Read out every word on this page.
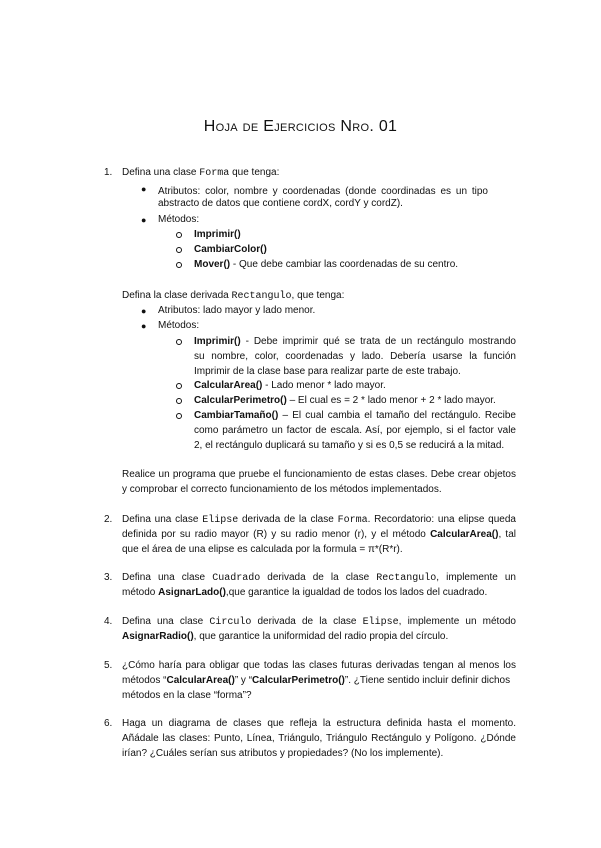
Hoja de Ejercicios Nro. 01
1. Defina una clase Forma que tenga:
● Atributos: color, nombre y coordenadas (donde coordinadas es un tipo
abstracto de datos que contiene cordX, cordY y cordZ).
● Métodos:
Imprimir()
CambiarColor()
Mover() - Que debe cambiar las coordenadas de su centro.
Defina la clase derivada Rectangulo, que tenga:
● Atributos: lado mayor y lado menor.
● Métodos:
Imprimir() - Debe imprimir qué se trata de un rectángulo mostrando
su nombre, color, coordenadas y lado. Debería usarse la función
Imprimir de la clase base para realizar parte de este trabajo.
CalcularArea() - Lado menor * lado mayor.
CalcularPerimetro() – El cual es = 2 * lado menor + 2 * lado mayor.
CambiarTamaño() – El cual cambia el tamaño del rectángulo. Recibe
como parámetro un factor de escala. Así, por ejemplo, si el factor vale
2, el rectángulo duplicará su tamaño y si es 0,5 se reducirá a la mitad.
Realice un programa que pruebe el funcionamiento de estas clases. Debe crear objetos
y comprobar el correcto funcionamiento de los métodos implementados.
2. Defina una clase Elipse derivada de la clase Forma. Recordatorio: una elipse queda
definida por su radio mayor (R) y su radio menor (r), y el método CalcularArea(), tal
que el área de una elipse es calculada por la formula = π*(R*r).
3. Defina una clase Cuadrado derivada de la clase Rectangulo, implemente un
método AsignarLado(),que garantice la igualdad de todos los lados del cuadrado.
4. Defina una clase Circulo derivada de la clase Elipse, implemente un método
AsignarRadio(), que garantice la uniformidad del radio propia del círculo.
5. ¿Cómo haría para obligar que todas las clases futuras derivadas tengan al menos los
métodos “CalcularArea()” y “CalcularPerimetro()”. ¿Tiene sentido incluir definir dichos
métodos en la clase “forma”?
6. Haga un diagrama de clases que refleja la estructura definida hasta el momento.
Añádale las clases: Punto, Línea, Triángulo, Triángulo Rectángulo y Polígono. ¿Dónde
irían? ¿Cuáles serían sus atributos y propiedades? (No los implemente).
